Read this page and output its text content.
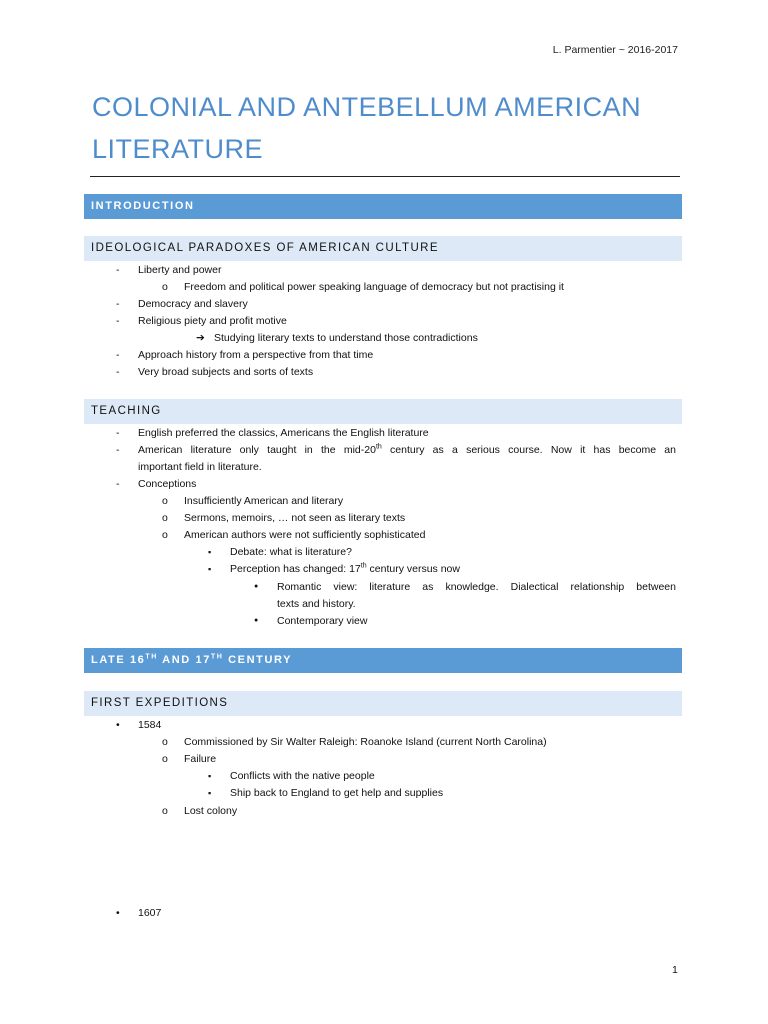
L. Parmentier ~ 2016-2017
COLONIAL AND ANTEBELLUM AMERICAN
LITERATURE
INTRODUCTION
IDEOLOGICAL PARADOXES OF AMERICAN CULTURE
- Liberty and power
o Freedom and political power speaking language of democracy but not practising it
- Democracy and slavery
- Religious piety and profit motive
➔ Studying literary texts to understand those contradictions
- Approach history from a perspective from that time
- Very broad subjects and sorts of texts
TEACHING
- English preferred the classics, Americans the English literature
- American literature only taught in the mid-20th century as a serious course. Now it has become an
important field in literature.
- Conceptions
o Insufficiently American and literary
o Sermons, memoirs, … not seen as literary texts
o American authors were not sufficiently sophisticated
▪ Debate: what is literature?
▪ Perception has changed: 17th century versus now
● Romantic view: literature as knowledge. Dialectical relationship between
texts and history.
● Contemporary view
LATE 16TH AND 17TH CENTURY
FIRST EXPEDITIONS
• 1584
o Commissioned by Sir Walter Raleigh: Roanoke Island (current North Carolina)
o Failure
▪ Conflicts with the native people
▪ Ship back to England to get help and supplies
o Lost colony
• 1607
1
